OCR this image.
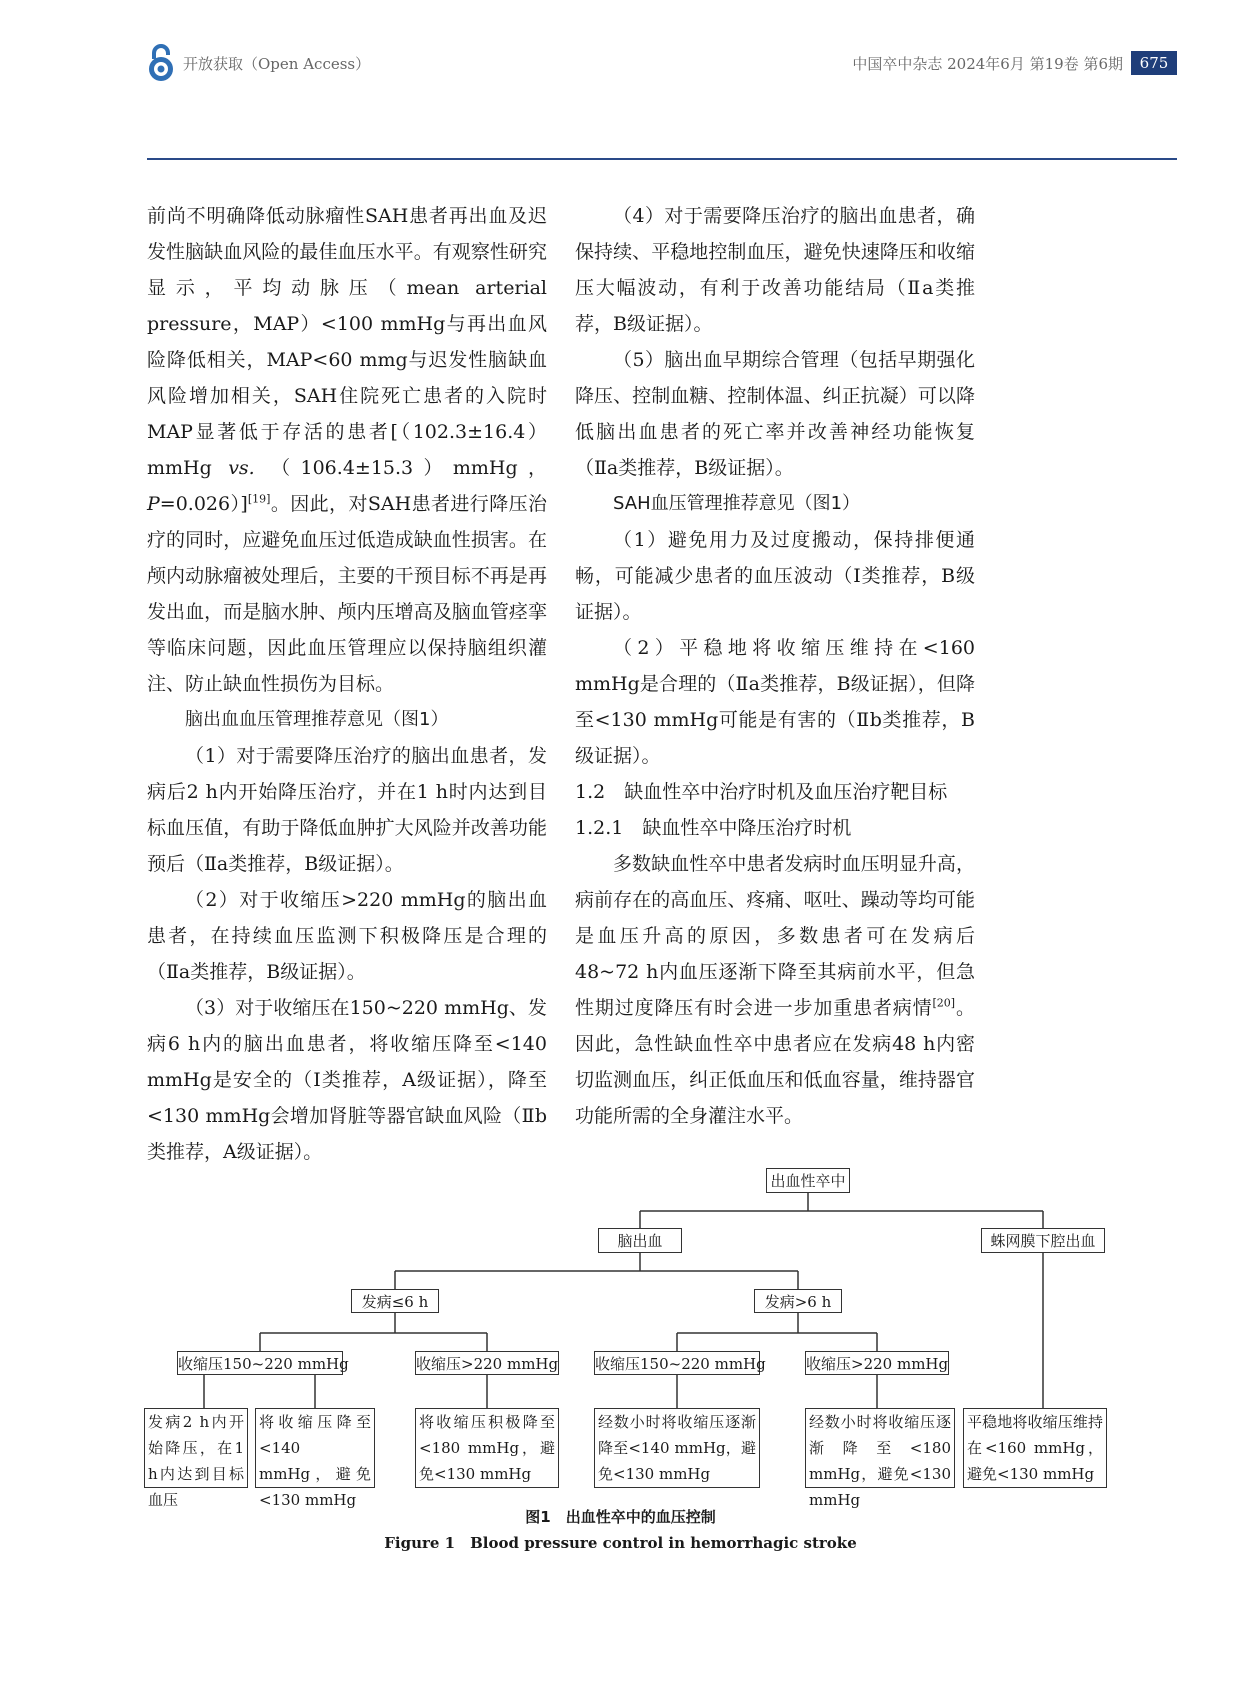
开放获取（Open Access）	中国卒中杂志 2024年6月 第19卷 第6期	675

前尚不明确降低动脉瘤性SAH患者再出血及迟发性脑缺血风险的最佳血压水平。有观察性研究显示，平均动脉压（mean arterial pressure，MAP）<100 mmHg与再出血风险降低相关，MAP<60 mmg与迟发性脑缺血风险增加相关，SAH住院死亡患者的入院时MAP显著低于存活的患者[（102.3±16.4）mmHg vs. （106.4±15.3）mmHg，P=0.026）][19]。因此，对SAH患者进行降压治疗的同时，应避免血压过低造成缺血性损害。在颅内动脉瘤被处理后，主要的干预目标不再是再发出血，而是脑水肿、颅内压增高及脑血管痉挛等临床问题，因此血压管理应以保持脑组织灌注、防止缺血性损伤为目标。

脑出血血压管理推荐意见（图1）

（1）对于需要降压治疗的脑出血患者，发病后2 h内开始降压治疗，并在1 h时内达到目标血压值，有助于降低血肿扩大风险并改善功能预后（Ⅱa类推荐，B级证据）。

（2）对于收缩压>220 mmHg的脑出血患者，在持续血压监测下积极降压是合理的（Ⅱa类推荐，B级证据）。

（3）对于收缩压在150~220 mmHg、发病6 h内的脑出血患者，将收缩压降至<140 mmHg是安全的（Ⅰ类推荐，A级证据），降至<130 mmHg会增加肾脏等器官缺血风险（Ⅱb类推荐，A级证据）。

（4）对于需要降压治疗的脑出血患者，确保持续、平稳地控制血压，避免快速降压和收缩压大幅波动，有利于改善功能结局（Ⅱa类推荐，B级证据）。

（5）脑出血早期综合管理（包括早期强化降压、控制血糖、控制体温、纠正抗凝）可以降低脑出血患者的死亡率并改善神经功能恢复（Ⅱa类推荐，B级证据）。

SAH血压管理推荐意见（图1）

（1）避免用力及过度搬动，保持排便通畅，可能减少患者的血压波动（Ⅰ类推荐，B级证据）。

（2）平稳地将收缩压维持在<160 mmHg是合理的（Ⅱa类推荐，B级证据），但降至<130 mmHg可能是有害的（Ⅱb类推荐，B级证据）。

1.2　缺血性卒中治疗时机及血压治疗靶目标

1.2.1　缺血性卒中降压治疗时机

多数缺血性卒中患者发病时血压明显升高，病前存在的高血压、疼痛、呕吐、躁动等均可能是血压升高的原因，多数患者可在发病后48~72 h内血压逐渐下降至其病前水平，但急性期过度降压有时会进一步加重患者病情[20]。因此，急性缺血性卒中患者应在发病48 h内密切监测血压，纠正低血压和低血容量，维持器官功能所需的全身灌注水平。

出血性卒中
脑出血	蛛网膜下腔出血
发病≤6 h	发病>6 h
收缩压150~220 mmHg	收缩压>220 mmHg 收缩压150~220 mmHg	收缩压>220 mmHg
发病2 h内开始降压，在1 h内达到目标血压
将收缩压降至<140 mmHg，避免<130 mmHg
将收缩压积极降至<180 mmHg，避免<130 mmHg
经数小时将收缩压逐渐降至<140 mmHg，避免<130 mmHg
经数小时将收缩压逐渐降至<180 mmHg，避免<130 mmHg
平稳地将收缩压维持在<160 mmHg，避免<130 mmHg
图1　出血性卒中的血压控制
Figure 1　Blood pressure control in hemorrhagic stroke
